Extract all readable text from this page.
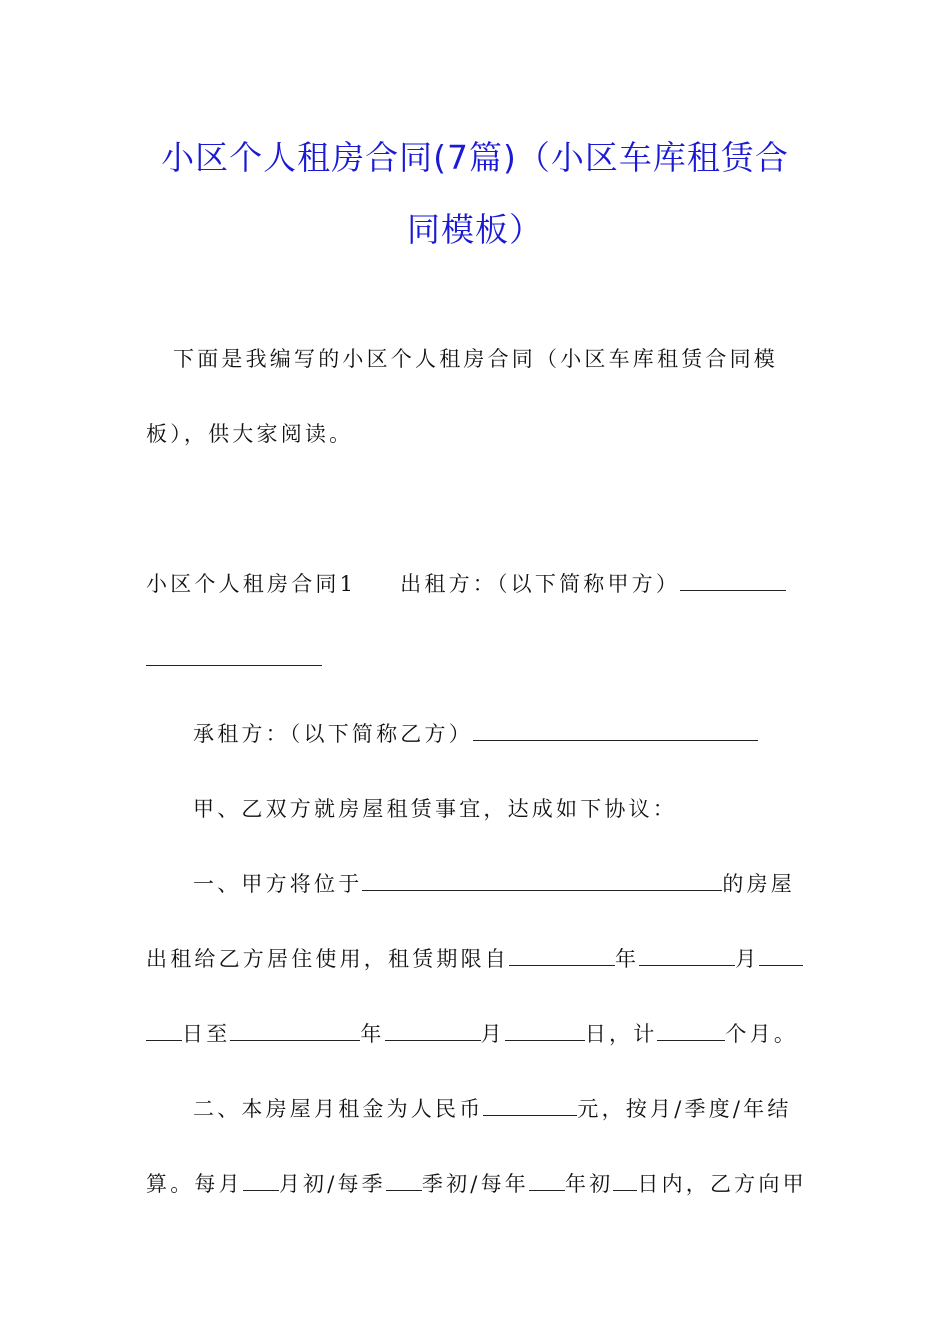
小区个人租房合同(7篇)（小区车库租赁合
同模板）
下面是我编写的小区个人租房合同（小区车库租赁合同模
板），供大家阅读。
小区个人租房合同1 出租方：（以下简称甲方）
承租方：（以下简称乙方）
甲、乙双方就房屋租赁事宜，达成如下协议：
一、甲方将位于	的房屋
出租给乙方居住使用，租赁期限自	年	月
日至	年	月	日，计	个月。
二、本房屋月租金为人民币	元，按月/季度/年结
算。每月 月初/每季 季初/每年 年初 日内，乙方向甲
